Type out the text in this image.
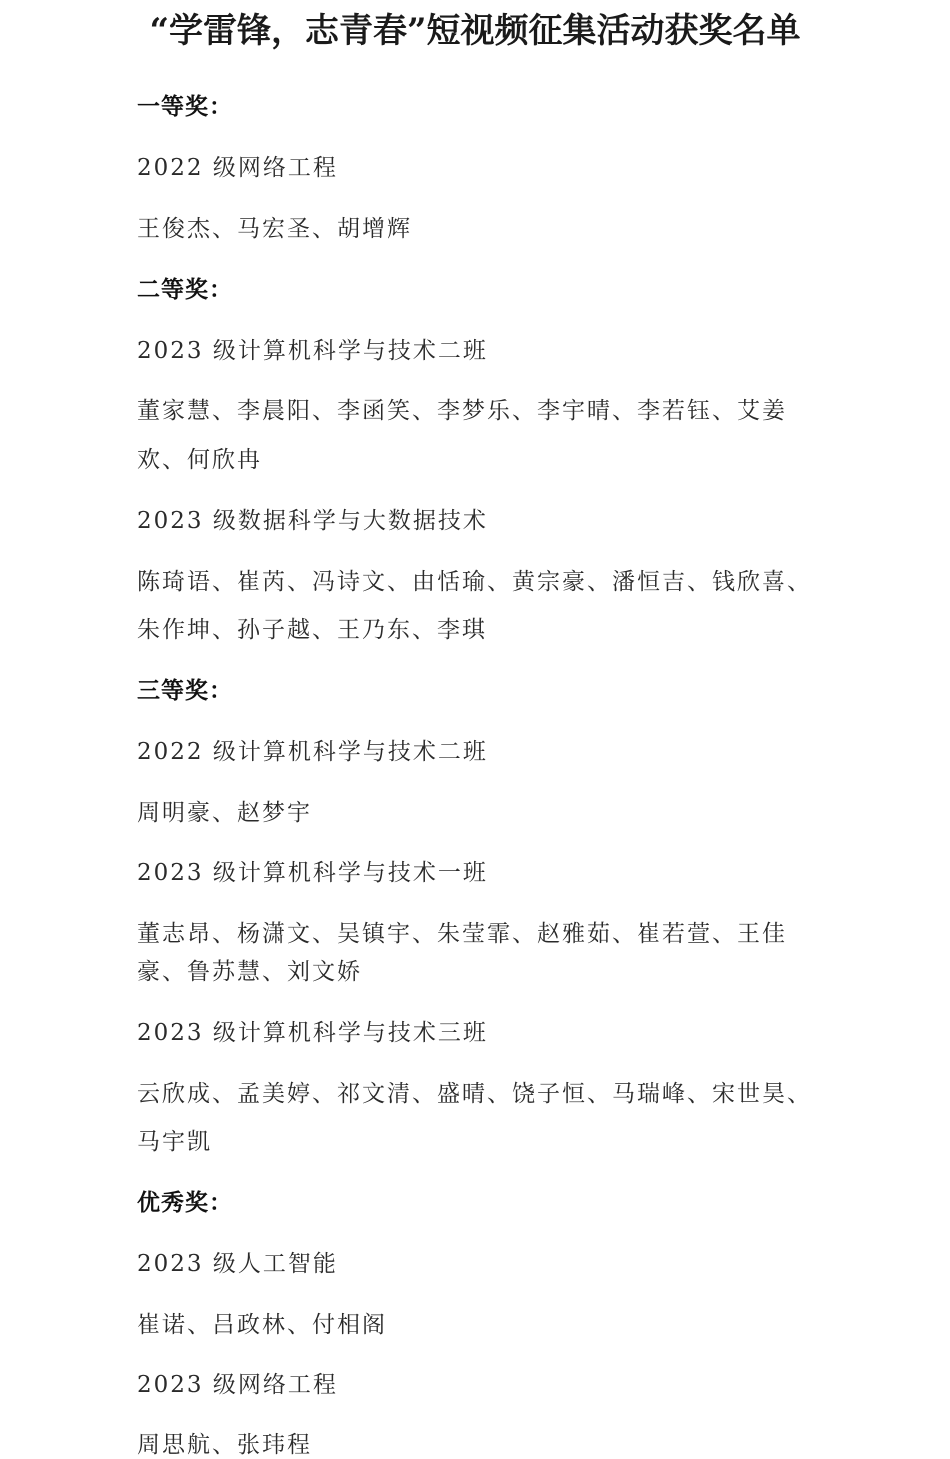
“学雷锋，志青春”短视频征集活动获奖名单
一等奖：
2022 级网络工程
王俊杰、马宏圣、胡增辉
二等奖：
2023 级计算机科学与技术二班
董家慧、李晨阳、李函笑、李梦乐、李宇晴、李若钰、艾姜
欢、何欣冉
2023 级数据科学与大数据技术
陈琦语、崔芮、冯诗文、由恬瑜、黄宗豪、潘恒吉、钱欣喜、
朱作坤、孙子越、王乃东、李琪
三等奖：
2022 级计算机科学与技术二班
周明豪、赵梦宇
2023 级计算机科学与技术一班
董志昂、杨潇文、吴镇宇、朱莹霏、赵雅茹、崔若萱、王佳
豪、鲁苏慧、刘文娇
2023 级计算机科学与技术三班
云欣成、孟美婷、祁文清、盛晴、饶子恒、马瑞峰、宋世昊、
马宇凯
优秀奖：
2023 级人工智能
崔诺、吕政林、付相阁
2023 级网络工程
周思航、张玮程
